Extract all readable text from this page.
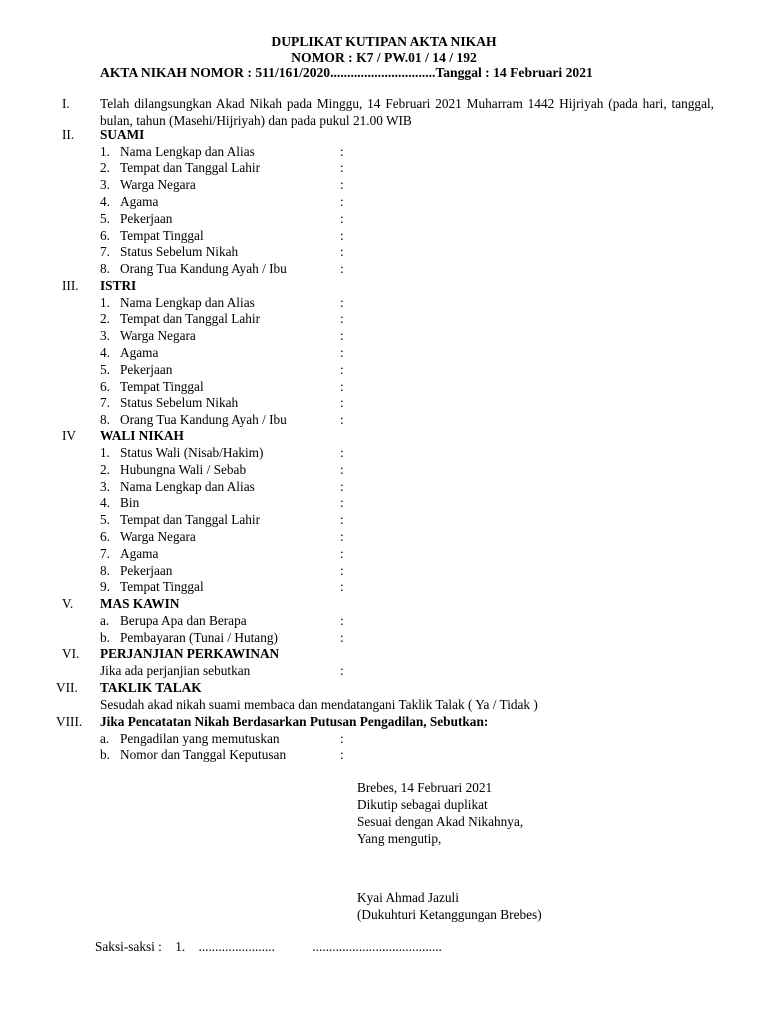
DUPLIKAT KUTIPAN AKTA NIKAH
NOMOR : K7 / PW.01 / 14 / 192
AKTA NIKAH NOMOR : 511/161/2020...............................Tanggal : 14 Februari 2021
I. Telah dilangsungkan Akad Nikah pada Minggu, 14 Februari 2021 Muharram 1442 Hijriyah (pada hari, tanggal, bulan, tahun (Masehi/Hijriyah) dan pada pukul 21.00 WIB
II. SUAMI
1. Nama Lengkap dan Alias	:
2. Tempat dan Tanggal Lahir	:
3. Warga Negara	:
4. Agama	:
5. Pekerjaan	:
6. Tempat Tinggal	:
7. Status Sebelum Nikah	:
8. Orang Tua Kandung Ayah / Ibu	:
III. ISTRI
1. Nama Lengkap dan Alias	:
2. Tempat dan Tanggal Lahir	:
3. Warga Negara	:
4. Agama	:
5. Pekerjaan	:
6. Tempat Tinggal	:
7. Status Sebelum Nikah	:
8. Orang Tua Kandung Ayah / Ibu	:
IV WALI NIKAH
1. Status Wali (Nisab/Hakim)	:
2. Hubungna Wali / Sebab	:
3. Nama Lengkap dan Alias	:
4. Bin	:
5. Tempat dan Tanggal Lahir	:
6. Warga Negara	:
7. Agama	:
8. Pekerjaan	:
9. Tempat Tinggal	:
V. MAS KAWIN
a. Berupa Apa dan Berapa	:
b. Pembayaran (Tunai / Hutang)	:
VI. PERJANJIAN PERKAWINAN
Jika ada perjanjian sebutkan	:
VII. TAKLIK TALAK
Sesudah akad nikah suami membaca dan mendatangani Taklik Talak ( Ya / Tidak )
VIII. Jika Pencatatan Nikah Berdasarkan Putusan Pengadilan, Sebutkan:
a. Pengadilan yang memutuskan	:
b. Nomor dan Tanggal Keputusan	:
Brebes, 14 Februari 2021
Dikutip sebagai duplikat
Sesuai dengan Akad Nikahnya,
Yang mengutip,
Kyai Ahmad Jazuli
(Dukuhturi Ketanggungan Brebes)
Saksi-saksi : 1. .......................	.......................................
